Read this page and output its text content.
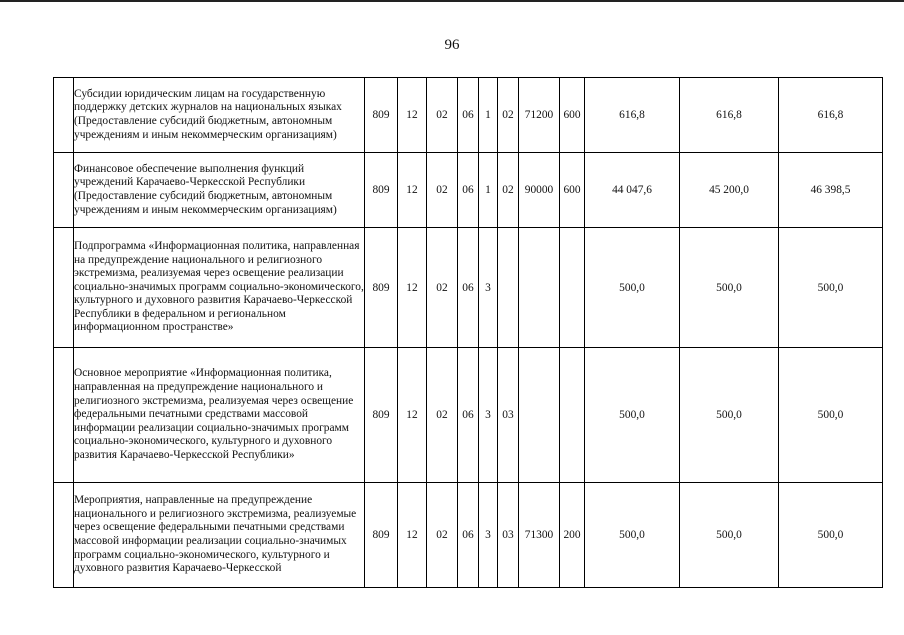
96
	Субсидии юридическим лицам на государственную поддержку детских журналов на национальных языках (Предоставление субсидий бюджетным, автономным учреждениям и иным некоммерческим организациям)	809	12	02	06	1	02	71200	600	616,8	616,8	616,8
	Финансовое обеспечение выполнения функций учреждений Карачаево-Черкесской Республики (Предоставление субсидий бюджетным, автономным учреждениям и иным некоммерческим организациям)	809	12	02	06	1	02	90000	600	44 047,6	45 200,0	46 398,5
	Подпрограмма «Информационная политика, направленная на предупреждение национального и религиозного экстремизма, реализуемая через освещение реализации социально-значимых программ социально-экономического, культурного и духовного развития Карачаево-Черкесской Республики в федеральном и региональном информационном пространстве»	809	12	02	06	3				500,0	500,0	500,0
	Основное мероприятие «Информационная политика, направленная на предупреждение национального и религиозного экстремизма, реализуемая через освещение федеральными печатными средствами массовой информации реализации социально-значимых программ социально-экономического, культурного и духовного развития Карачаево-Черкесской Республики»	809	12	02	06	3	03			500,0	500,0	500,0
	Мероприятия, направленные на предупреждение национального и религиозного экстремизма, реализуемые через освещение федеральными печатными средствами массовой информации реализации социально-значимых программ социально-экономического, культурного и духовного развития Карачаево-Черкесской	809	12	02	06	3	03	71300	200	500,0	500,0	500,0
